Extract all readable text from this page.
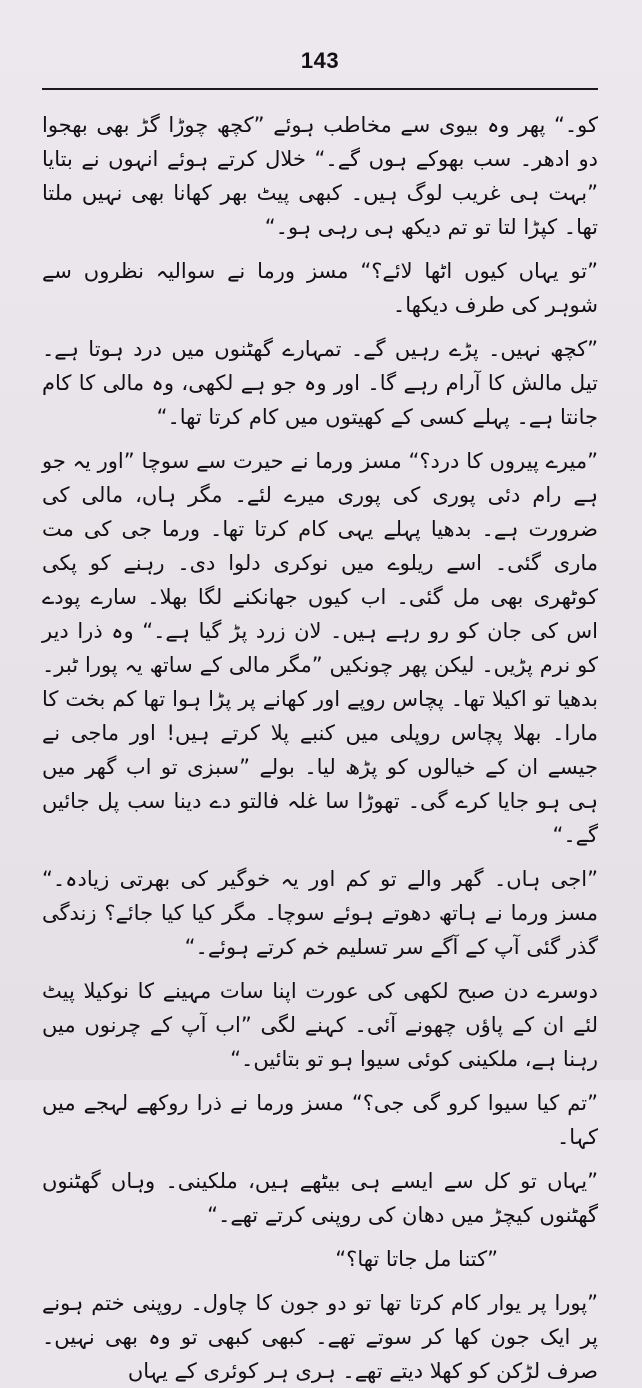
143

کو۔“ پھر وہ بیوی سے مخاطب ہوئے ”کچھ چوڑا گڑ بھی بھجوا دو ادھر۔ سب بھوکے ہوں گے۔“ خلال کرتے ہوئے انہوں نے بتایا ”بہت ہی غریب لوگ ہیں۔ کبھی پیٹ بھر کھانا بھی نہیں ملتا تھا۔ کپڑا لتا تو تم دیکھ ہی رہی ہو۔“

”تو یہاں کیوں اٹھا لائے؟“ مسز ورما نے سوالیہ نظروں سے شوہر کی طرف دیکھا۔

”کچھ نہیں۔ پڑے رہیں گے۔ تمہارے گھٹنوں میں درد ہوتا ہے۔ تیل مالش کا آرام رہے گا۔ اور وہ جو ہے لکھی، وہ مالی کا کام جانتا ہے۔ پہلے کسی کے کھیتوں میں کام کرتا تھا۔“

”میرے پیروں کا درد؟“ مسز ورما نے حیرت سے سوچا ”اور یہ جو ہے رام دئی پوری کی پوری میرے لئے۔ مگر ہاں، مالی کی ضرورت ہے۔ بدھیا پہلے یہی کام کرتا تھا۔ ورما جی کی مت ماری گئی۔ اسے ریلوے میں نوکری دلوا دی۔ رہنے کو پکی کوٹھری بھی مل گئی۔ اب کیوں جھانکنے لگا بھلا۔ سارے پودے اس کی جان کو رو رہے ہیں۔ لان زرد پڑ گیا ہے۔“ وہ ذرا دیر کو نرم پڑیں۔ لیکن پھر چونکیں ”مگر مالی کے ساتھ یہ پورا ٹبر۔ بدھیا تو اکیلا تھا۔ پچاس روپے اور کھانے پر پڑا ہوا تھا کم بخت کا مارا۔ بھلا پچاس روپلی میں کنبے پلا کرتے ہیں! اور ماجی نے جیسے ان کے خیالوں کو پڑھ لیا۔ بولے ”سبزی تو اب گھر میں ہی ہو جایا کرے گی۔ تھوڑا سا غلہ فالتو دے دینا سب پل جائیں گے۔“

”اجی ہاں۔ گھر والے تو کم اور یہ خوگیر کی بھرتی زیادہ۔“ مسز ورما نے ہاتھ دھوتے ہوئے سوچا۔ مگر کیا کیا جائے؟ زندگی گذر گئی آپ کے آگے سر تسلیم خم کرتے ہوئے۔“

دوسرے دن صبح لکھی کی عورت اپنا سات مہینے کا نوکیلا پیٹ لئے ان کے پاؤں چھونے آئی۔ کہنے لگی ”اب آپ کے چرنوں میں رہنا ہے، ملکینی کوئی سیوا ہو تو بتائیں۔“

”تم کیا سیوا کرو گی جی؟“ مسز ورما نے ذرا روکھے لہجے میں کہا۔

”یہاں تو کل سے ایسے ہی بیٹھے ہیں، ملکینی۔ وہاں گھٹنوں گھٹنوں کیچڑ میں دھان کی روپنی کرتے تھے۔“

”کتنا مل جاتا تھا؟“

”پورا پر یوار کام کرتا تھا تو دو جون کا چاول۔ روپنی ختم ہونے پر ایک جون کھا کر سوتے تھے۔ کبھی کبھی تو وہ بھی نہیں۔ صرف لڑکن کو کھلا دیتے تھے۔ ہری ہر کوئری کے یہاں
